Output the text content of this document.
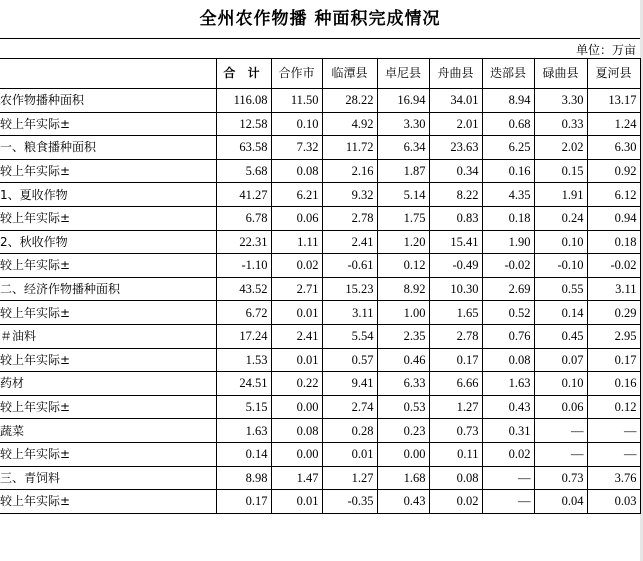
全州农作物播 种面积完成情况
单位：万亩
	合 计	合作市	临潭县	卓尼县	舟曲县	迭部县	碌曲县	夏河县
农作物播种面积	116.08	11.50	28.22	16.94	34.01	8.94	3.30	13.17
较上年实际±	12.58	0.10	4.92	3.30	2.01	0.68	0.33	1.24
一、粮食播种面积	63.58	7.32	11.72	6.34	23.63	6.25	2.02	6.30
较上年实际±	5.68	0.08	2.16	1.87	0.34	0.16	0.15	0.92
1、夏收作物	41.27	6.21	9.32	5.14	8.22	4.35	1.91	6.12
较上年实际±	6.78	0.06	2.78	1.75	0.83	0.18	0.24	0.94
2、秋收作物	22.31	1.11	2.41	1.20	15.41	1.90	0.10	0.18
较上年实际±	-1.10	0.02	-0.61	0.12	-0.49	-0.02	-0.10	-0.02
二、经济作物播种面积	43.52	2.71	15.23	8.92	10.30	2.69	0.55	3.11
较上年实际±	6.72	0.01	3.11	1.00	1.65	0.52	0.14	0.29
＃油料	17.24	2.41	5.54	2.35	2.78	0.76	0.45	2.95
较上年实际±	1.53	0.01	0.57	0.46	0.17	0.08	0.07	0.17
药材	24.51	0.22	9.41	6.33	6.66	1.63	0.10	0.16
较上年实际±	5.15	0.00	2.74	0.53	1.27	0.43	0.06	0.12
蔬菜	1.63	0.08	0.28	0.23	0.73	0.31	—	—
较上年实际±	0.14	0.00	0.01	0.00	0.11	0.02	—	—
三、青饲料	8.98	1.47	1.27	1.68	0.08	—	0.73	3.76
较上年实际±	0.17	0.01	-0.35	0.43	0.02	—	0.04	0.03
